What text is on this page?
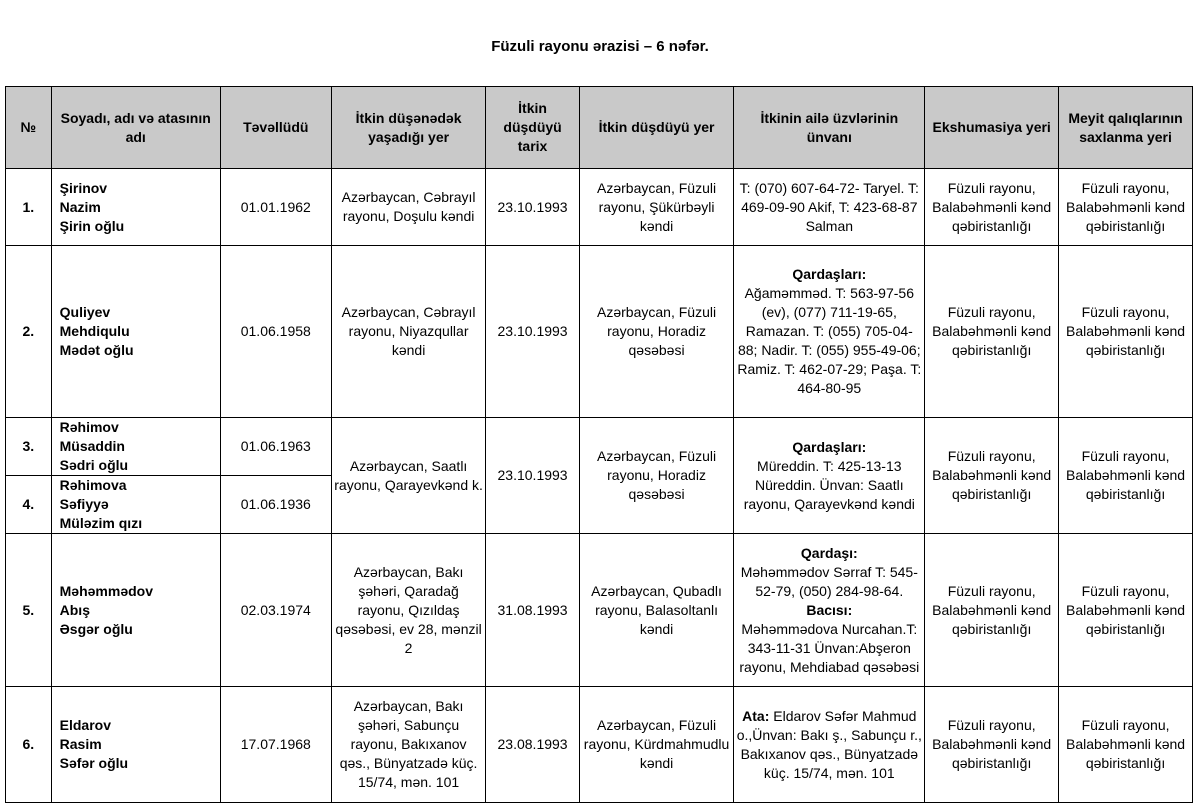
Füzuli rayonu ərazisi – 6 nəfər.
№	Soyadı, adı və atasının adı	Təvəllüdü	İtkin düşənədək yaşadığı yer	İtkin düşdüyü tarix	İtkin düşdüyü yer	İtkinin ailə üzvlərinin ünvanı	Ekshumasiya yeri	Meyit qalıqlarının saxlanma yeri
1.	Şirinov
Nazim
Şirin oğlu	01.01.1962	Azərbaycan, Cəbrayıl rayonu, Doşulu kəndi	23.10.1993	Azərbaycan, Füzuli rayonu, Şükürbəyli kəndi	T: (070) 607-64-72- Taryel. T: 469-09-90 Akif, T: 423-68-87 Salman	Füzuli rayonu, Balabəhmənli kənd qəbiristanlığı	Füzuli rayonu, Balabəhmənli kənd qəbiristanlığı
2.	Quliyev
Mehdiqulu
Mədət oğlu	01.06.1958	Azərbaycan, Cəbrayıl rayonu, Niyazqullar kəndi	23.10.1993	Azərbaycan, Füzuli rayonu, Horadiz qəsəbəsi	Qardaşları:
Ağaməmməd. T: 563-97-56 (ev), (077) 711-19-65, Ramazan. T: (055) 705-04-88; Nadir. T: (055) 955-49-06; Ramiz. T: 462-07-29; Paşa. T: 464-80-95	Füzuli rayonu, Balabəhmənli kənd qəbiristanlığı	Füzuli rayonu, Balabəhmənli kənd qəbiristanlığı
3.	Rəhimov
Müsaddin
Sədri oğlu	01.06.1963	Azərbaycan, Saatlı rayonu, Qarayevkənd k.	23.10.1993	Azərbaycan, Füzuli rayonu, Horadiz qəsəbəsi	Qardaşları:
Müreddin. T: 425-13-13 Nüreddin. Ünvan: Saatlı rayonu, Qarayevkənd kəndi	Füzuli rayonu, Balabəhmənli kənd qəbiristanlığı	Füzuli rayonu, Balabəhmənli kənd qəbiristanlığı
4.	Rəhimova
Səfiyyə
Mülәzim qızı	01.06.1936						
5.	Məhəmmədov
Abış
Əsgər oğlu	02.03.1974	Azərbaycan, Bakı şəhəri, Qaradağ rayonu, Qızıldaş qəsəbəsi, ev 28, mənzil 2	31.08.1993	Azərbaycan, Qubadlı rayonu, Balasoltanlı kəndi	Qardaşı:
Məhəmmədov Sərraf T: 545-52-79, (050) 284-98-64.
Bacısı:
Məhəmmədova Nurcahan.T: 343-11-31 Ünvan:Abşeron rayonu, Mehdiabad qəsəbəsi	Füzuli rayonu, Balabəhmənli kənd qəbiristanlığı	Füzuli rayonu, Balabəhmənli kənd qəbiristanlığı
6.	Eldarov
Rasim
Səfər oğlu	17.07.1968	Azərbaycan, Bakı şəhəri, Sabunçu rayonu, Bakıxanov qəs., Bünyatzadə küç. 15/74, mən. 101	23.08.1993	Azərbaycan, Füzuli rayonu, Kürdmahmudlu kəndi	Ata: Eldarov Səfər Mahmud o.,Ünvan: Bakı ş., Sabunçu r., Bakıxanov qəs., Bünyatzadə küç. 15/74, mən. 101	Füzuli rayonu, Balabəhmənli kənd qəbiristanlığı	Füzuli rayonu, Balabəhmənli kənd qəbiristanlığı
